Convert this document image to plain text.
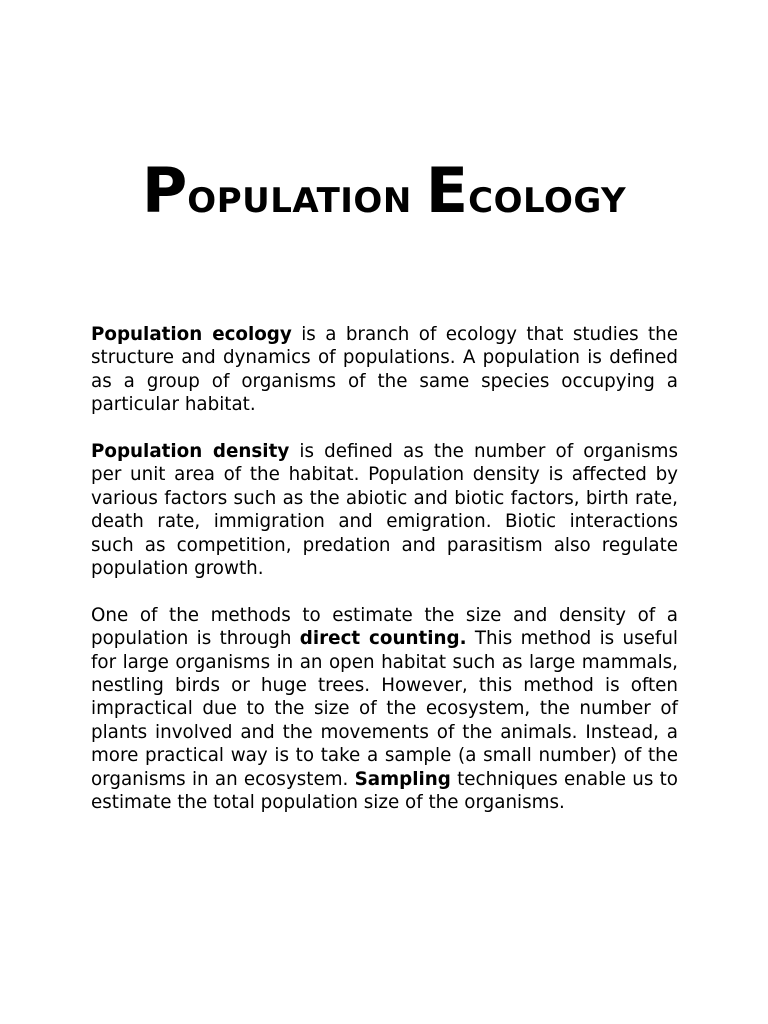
POPULATION ECOLOGY

Population ecology is a branch of ecology that studies the structure and dynamics of populations. A population is defined as a group of organisms of the same species occupying a particular habitat.

Population density is defined as the number of organisms per unit area of the habitat. Population density is affected by various factors such as the abiotic and biotic factors, birth rate, death rate, immigration and emigration. Biotic interactions such as competition, predation and parasitism also regulate population growth.

One of the methods to estimate the size and density of a population is through direct counting. This method is useful for large organisms in an open habitat such as large mammals, nestling birds or huge trees. However, this method is often impractical due to the size of the ecosystem, the number of plants involved and the movements of the animals. Instead, a more practical way is to take a sample (a small number) of the organisms in an ecosystem. Sampling techniques enable us to estimate the total population size of the organisms.
